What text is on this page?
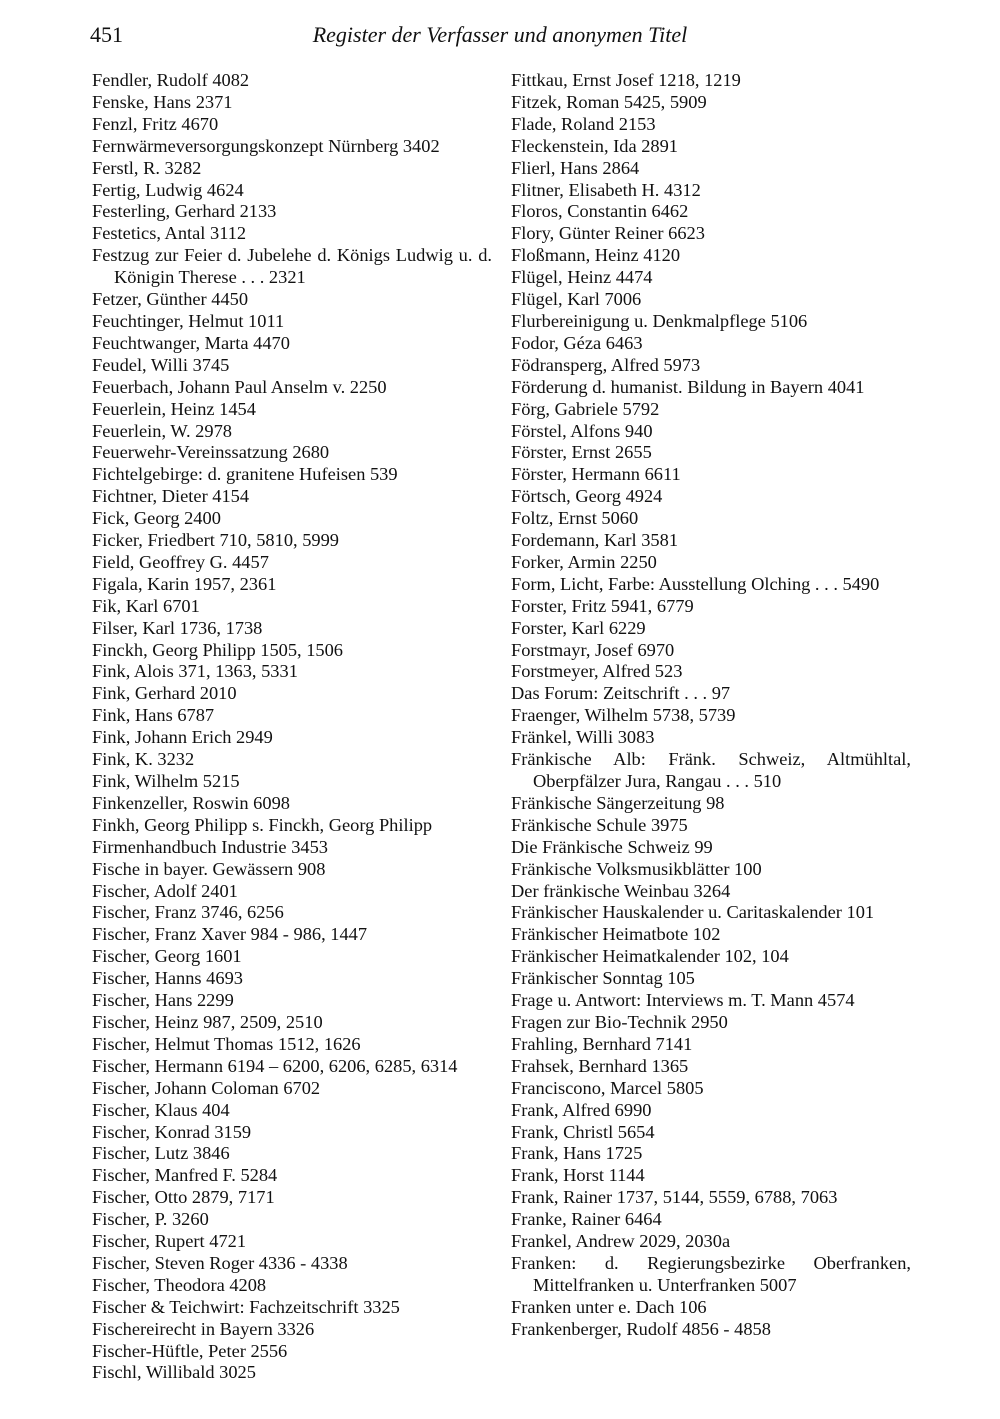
451	Register der Verfasser und anonymen Titel
Fendler, Rudolf 4082
Fenske, Hans 2371
Fenzl, Fritz 4670
Fernwärmeversorgungskonzept Nürnberg 3402
Ferstl, R. 3282
Fertig, Ludwig 4624
Festerling, Gerhard 2133
Festetics, Antal 3112
Festzug zur Feier d. Jubelehe d. Königs Ludwig u. d. Königin Therese . . . 2321
Fetzer, Günther 4450
Feuchtinger, Helmut 1011
Feuchtwanger, Marta 4470
Feudel, Willi 3745
Feuerbach, Johann Paul Anselm v. 2250
Feuerlein, Heinz 1454
Feuerlein, W. 2978
Feuerwehr-Vereinssatzung 2680
Fichtelgebirge: d. granitene Hufeisen 539
Fichtner, Dieter 4154
Fick, Georg 2400
Ficker, Friedbert 710, 5810, 5999
Field, Geoffrey G. 4457
Figala, Karin 1957, 2361
Fik, Karl 6701
Filser, Karl 1736, 1738
Finckh, Georg Philipp 1505, 1506
Fink, Alois 371, 1363, 5331
Fink, Gerhard 2010
Fink, Hans 6787
Fink, Johann Erich 2949
Fink, K. 3232
Fink, Wilhelm 5215
Finkenzeller, Roswin 6098
Finkh, Georg Philipp s. Finckh, Georg Philipp
Firmenhandbuch Industrie 3453
Fische in bayer. Gewässern 908
Fischer, Adolf 2401
Fischer, Franz 3746, 6256
Fischer, Franz Xaver 984 - 986, 1447
Fischer, Georg 1601
Fischer, Hanns 4693
Fischer, Hans 2299
Fischer, Heinz 987, 2509, 2510
Fischer, Helmut Thomas 1512, 1626
Fischer, Hermann 6194 – 6200, 6206, 6285, 6314
Fischer, Johann Coloman 6702
Fischer, Klaus 404
Fischer, Konrad 3159
Fischer, Lutz 3846
Fischer, Manfred F. 5284
Fischer, Otto 2879, 7171
Fischer, P. 3260
Fischer, Rupert 4721
Fischer, Steven Roger 4336 - 4338
Fischer, Theodora 4208
Fischer & Teichwirt: Fachzeitschrift 3325
Fischereirecht in Bayern 3326
Fischer-Hüftle, Peter 2556
Fischl, Willibald 3025
Fittkau, Ernst Josef 1218, 1219
Fitzek, Roman 5425, 5909
Flade, Roland 2153
Fleckenstein, Ida 2891
Flierl, Hans 2864
Flitner, Elisabeth H. 4312
Floros, Constantin 6462
Flory, Günter Reiner 6623
Floßmann, Heinz 4120
Flügel, Heinz 4474
Flügel, Karl 7006
Flurbereinigung u. Denkmalpflege 5106
Fodor, Géza 6463
Födransperg, Alfred 5973
Förderung d. humanist. Bildung in Bayern 4041
Förg, Gabriele 5792
Förstel, Alfons 940
Förster, Ernst 2655
Förster, Hermann 6611
Förtsch, Georg 4924
Foltz, Ernst 5060
Fordemann, Karl 3581
Forker, Armin 2250
Form, Licht, Farbe: Ausstellung Olching . . . 5490
Forster, Fritz 5941, 6779
Forster, Karl 6229
Forstmayr, Josef 6970
Forstmeyer, Alfred 523
Das Forum: Zeitschrift . . . 97
Fraenger, Wilhelm 5738, 5739
Fränkel, Willi 3083
Fränkische Alb: Fränk. Schweiz, Altmühltal, Oberpfälzer Jura, Rangau . . . 510
Fränkische Sängerzeitung 98
Fränkische Schule 3975
Die Fränkische Schweiz 99
Fränkische Volksmusikblätter 100
Der fränkische Weinbau 3264
Fränkischer Hauskalender u. Caritaskalender 101
Fränkischer Heimatbote 102
Fränkischer Heimatkalender 102, 104
Fränkischer Sonntag 105
Frage u. Antwort: Interviews m. T. Mann 4574
Fragen zur Bio-Technik 2950
Frahling, Bernhard 7141
Frahsek, Bernhard 1365
Franciscono, Marcel 5805
Frank, Alfred 6990
Frank, Christl 5654
Frank, Hans 1725
Frank, Horst 1144
Frank, Rainer 1737, 5144, 5559, 6788, 7063
Franke, Rainer 6464
Frankel, Andrew 2029, 2030a
Franken: d. Regierungsbezirke Oberfranken, Mittelfranken u. Unterfranken 5007
Franken unter e. Dach 106
Frankenberger, Rudolf 4856 - 4858
